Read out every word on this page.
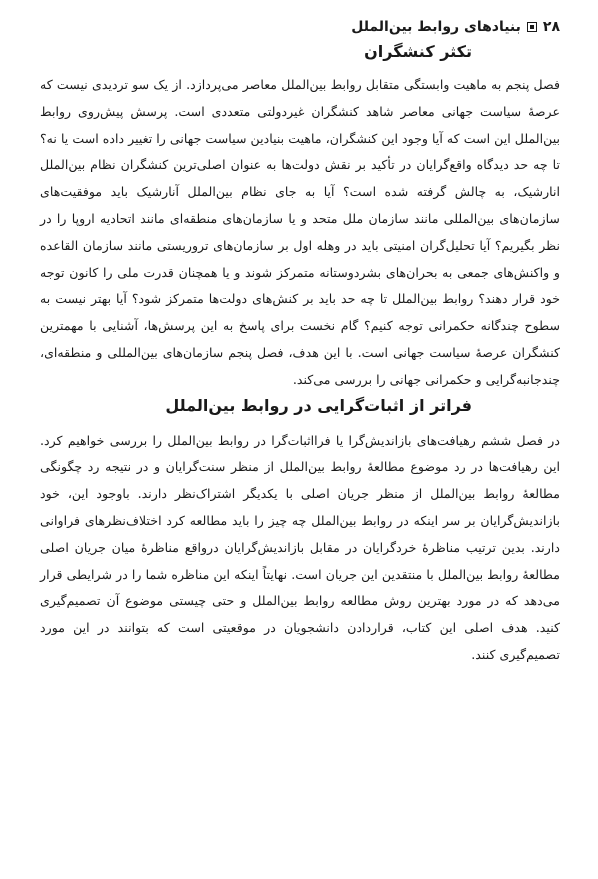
۲۸
بنیادهای روابط بین‌الملل
تکثر کنشگران

فصل پنجم به ماهیت وابستگی متقابل روابط بین‌الملل معاصر می‌پردازد. از یک سو تردیدی نیست که عرصهٔ سیاست جهانی معاصر شاهد کنشگران غیردولتی متعددی است. پرسش پیش‌روی روابط بین‌الملل این است که آیا وجود این کنشگران، ماهیت بنیادین سیاست جهانی را تغییر داده است یا نه؟ تا چه حد دیدگاه واقع‌گرایان در تأکید بر نقش دولت‌ها به عنوان اصلی‌ترین کنشگران نظام بین‌الملل انارشیک، به چالش گرفته شده است؟ آیا به جای نظام بین‌الملل آنارشیک باید موفقیت‌های سازمان‌های بین‌المللی مانند سازمان ملل متحد و یا سازمان‌های منطقه‌ای مانند اتحادیه اروپا را در نظر بگیریم؟ آیا تحلیل‌گران امنیتی باید در وهله اول بر سازمان‌های تروریستی مانند سازمان القاعده و واکنش‌های جمعی به بحران‌های بشردوستانه متمرکز شوند و یا همچنان قدرت ملی را کانون توجه خود قرار دهند؟ روابط بین‌الملل تا چه حد باید بر کنش‌های دولت‌ها متمرکز شود؟ آیا بهتر نیست به سطوح چندگانه حکمرانی توجه کنیم؟ گام نخست برای پاسخ به این پرسش‌ها، آشنایی با مهمترین کنشگران عرصهٔ سیاست جهانی است. با این هدف، فصل پنجم سازمان‌های بین‌المللی و منطقه‌ای، چندجانبه‌گرایی و حکمرانی جهانی را بررسی می‌کند.

فراتر از اثبات‌گرایی در روابط بین‌الملل

در فصل ششم رهیافت‌های بازاندیش‌گرا یا فرااثبات‌گرا در روابط بین‌الملل را بررسی خواهیم کرد. این رهیافت‌ها در رد موضوع مطالعهٔ روابط بین‌الملل از منظر سنت‌گرایان و در نتیجه رد چگونگی مطالعهٔ روابط بین‌الملل از منظر جریان اصلی با یکدیگر اشتراک‌نظر دارند. باوجود این، خود بازاندیش‌گرایان بر سر اینکه در روابط بین‌الملل چه چیز را باید مطالعه کرد اختلاف‌نظرهای فراوانی دارند. بدین ترتیب مناظرهٔ خردگرایان در مقابل بازاندیش‌گرایان درواقع مناظرهٔ میان جریان اصلی مطالعهٔ روابط بین‌الملل با منتقدین این جریان است. نهایتاً اینکه این مناظره شما را در شرایطی قرار می‌دهد که در مورد بهترین روش مطالعه روابط بین‌الملل و حتی چیستی موضوع آن تصمیم‌گیری کنید. هدف اصلی این کتاب، قراردادن دانشجویان در موقعیتی است که بتوانند در این مورد تصمیم‌گیری کنند.
